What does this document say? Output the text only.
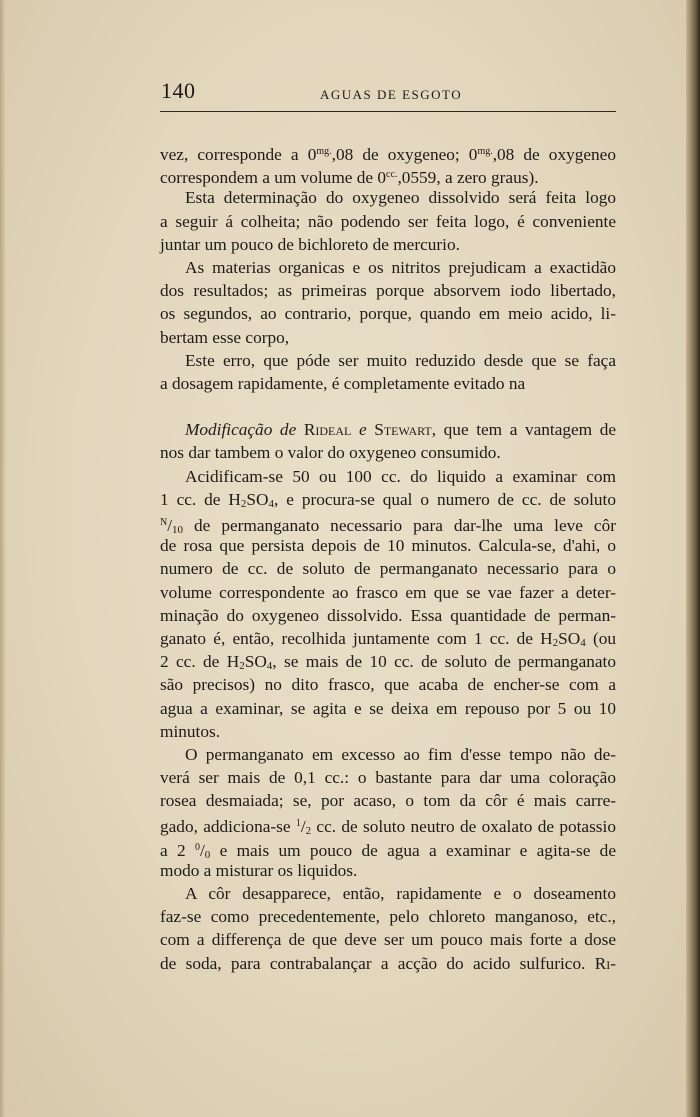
140	AGUAS DE ESGOTO
vez, corresponde a $0^{mg.},08$ de oxygeneo; $0^{mg.},08$ de oxygeneo
correspondem a um volume de $0^{cc.},0559$, a zero graus).
Esta determinação do oxygeneo dissolvido será feita logo
a seguir á colheita; não podendo ser feita logo, é conveniente
juntar um pouco de bichloreto de mercurio.
As materias organicas e os nitritos prejudicam a exactidão
dos resultados; as primeiras porque absorvem iodo libertado,
os segundos, ao contrario, porque, quando em meio acido, li-
bertam esse corpo,
Este erro, que póde ser muito reduzido desde que se faça
a dosagem rapidamente, é completamente evitado na
Modificação de Rideal e Stewart, que tem a vantagem de
nos dar tambem o valor do oxygeneo consumido.
Acidificam-se 50 ou 100 cc. do liquido a examinar com
1 cc. de H2SO4, e procura-se qual o numero de cc. de soluto
$^N$/10 de permanganato necessario para dar-lhe uma leve côr
de rosa que persista depois de 10 minutos. Calcula-se, d'ahi, o
numero de cc. de soluto de permanganato necessario para o
volume correspondente ao frasco em que se vae fazer a deter-
minação do oxygeneo dissolvido. Essa quantidade de perman-
ganato é, então, recolhida juntamente com 1 cc. de H2SO4 (ou
2 cc. de H2SO4, se mais de 10 cc. de soluto de permanganato
são precisos) no dito frasco, que acaba de encher-se com a
agua a examinar, se agita e se deixa em repouso por 5 ou 10
minutos.
O permanganato em excesso ao fim d'esse tempo não de-
verá ser mais de 0,1 cc.: o bastante para dar uma coloração
rosea desmaiada; se, por acaso, o tom da côr é mais carre-
gado, addiciona-se $^1$/2 cc. de soluto neutro de oxalato de potassio
a 2 $^0$/0 e mais um pouco de agua a examinar e agita-se de
modo a misturar os liquidos.
A côr desapparece, então, rapidamente e o doseamento
faz-se como precedentemente, pelo chloreto manganoso, etc.,
com a differença de que deve ser um pouco mais forte a dose
de soda, para contrabalançar a acção do acido sulfurico. Ri-
